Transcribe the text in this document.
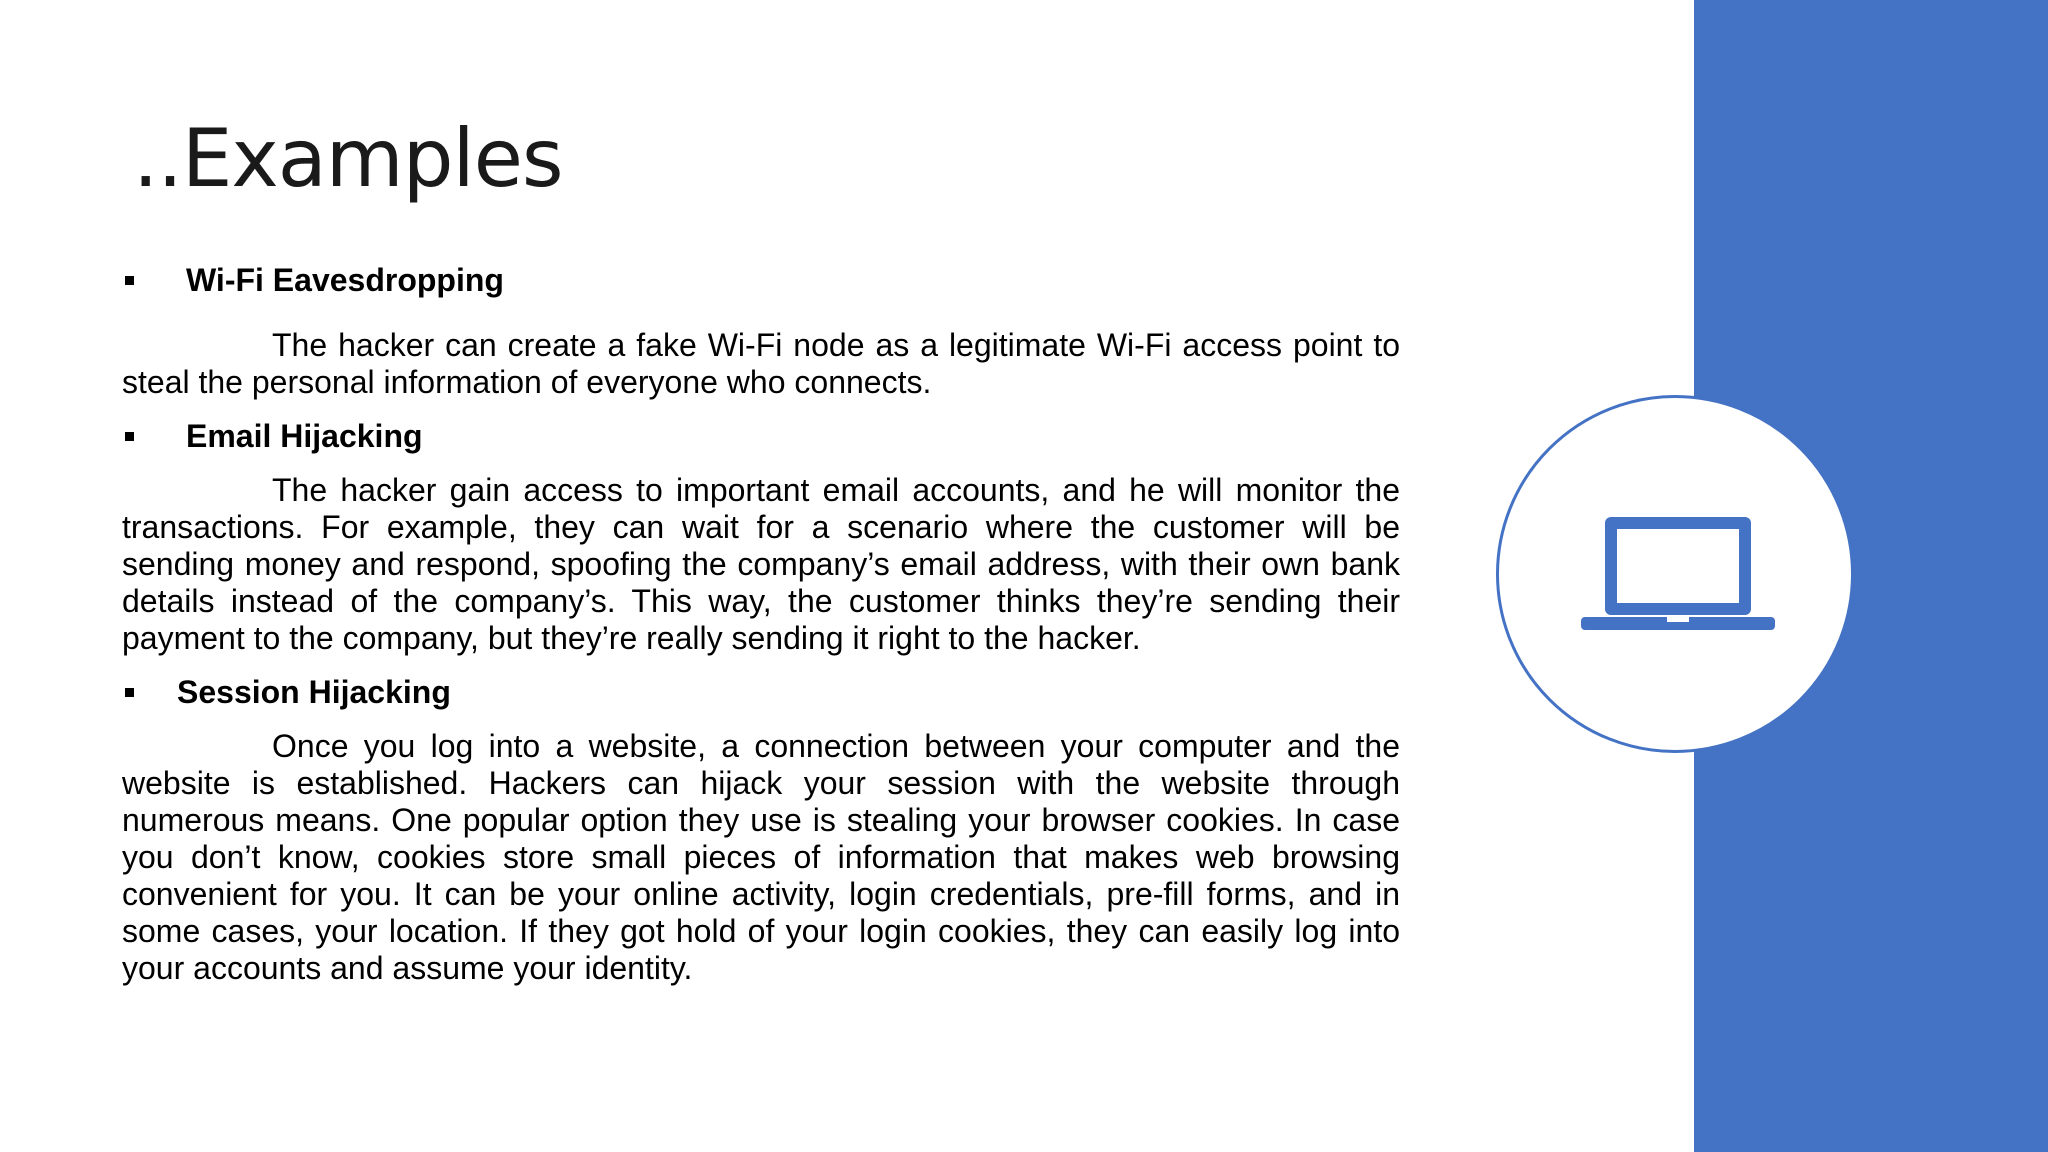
..Examples
Wi-Fi Eavesdropping

The hacker can create a fake Wi-Fi node as a legitimate Wi-Fi access point to steal the personal information of everyone who connects.

Email Hijacking

The hacker gain access to important email accounts, and he will monitor the transactions. For example, they can wait for a scenario where the customer will be sending money and respond, spoofing the company’s email address, with their own bank details instead of the company’s. This way, the customer thinks they’re sending their payment to the company, but they’re really sending it right to the hacker.

Session Hijacking

Once you log into a website, a connection between your computer and the website is established. Hackers can hijack your session with the website through numerous means. One popular option they use is stealing your browser cookies. In case you don’t know, cookies store small pieces of information that makes web browsing convenient for you. It can be your online activity, login credentials, pre-fill forms, and in some cases, your location. If they got hold of your login cookies, they can easily log into your accounts and assume your identity.
